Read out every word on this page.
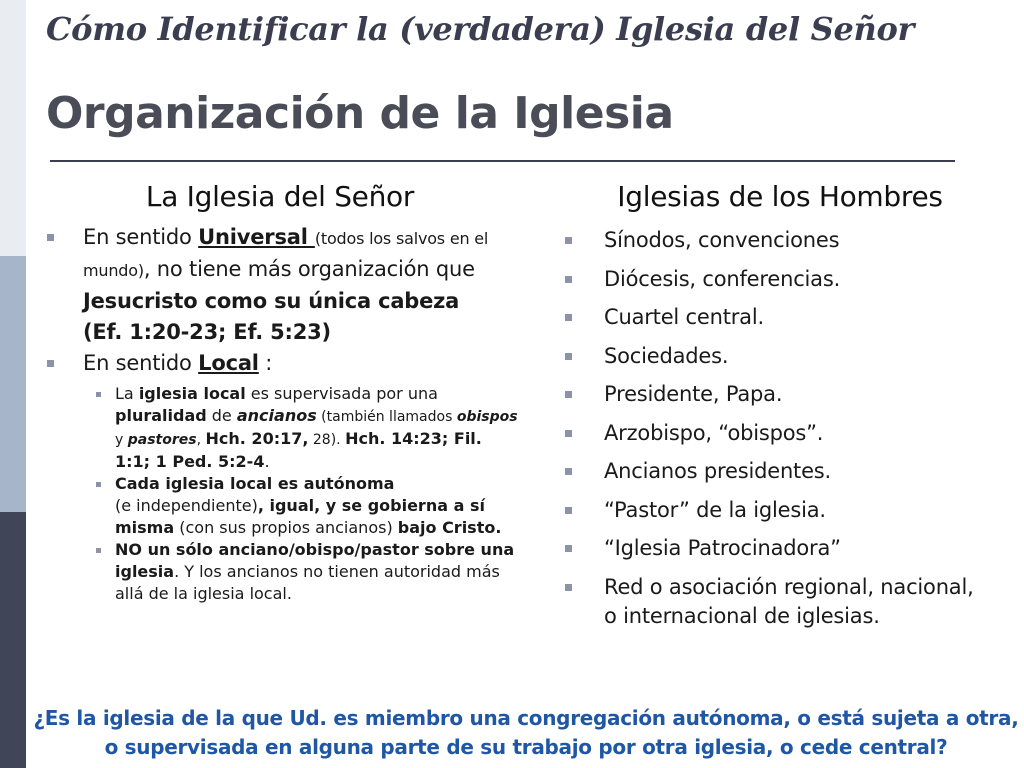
Cómo Identificar la (verdadera) Iglesia del Señor
Organización de la Iglesia
La Iglesia del Señor	Iglesias de los Hombres
En sentido Universal (todos los salvos en el mundo), no tiene más organización que Jesucristo como su única cabeza
(Ef. 1:20-23; Ef. 5:23)
En sentido Local :
La iglesia local es supervisada por una pluralidad de ancianos (también llamados obispos y pastores, Hch. 20:17, 28). Hch. 14:23; Fil. 1:1; 1 Ped. 5:2-4.
Cada iglesia local es autónoma
(e independiente), igual, y se gobierna a sí misma (con sus propios ancianos) bajo Cristo.
NO un sólo anciano/obispo/pastor sobre una iglesia. Y los ancianos no tienen autoridad más allá de la iglesia local.
Sínodos, convenciones
Diócesis, conferencias.
Cuartel central.
Sociedades.
Presidente, Papa.
Arzobispo, “obispos”.
Ancianos presidentes.
“Pastor” de la iglesia.
“Iglesia Patrocinadora”
Red o asociación regional, nacional, o internacional de iglesias.
¿Es la iglesia de la que Ud. es miembro una congregación autónoma, o está sujeta a otra, o supervisada en alguna parte de su trabajo por otra iglesia, o cede central?
